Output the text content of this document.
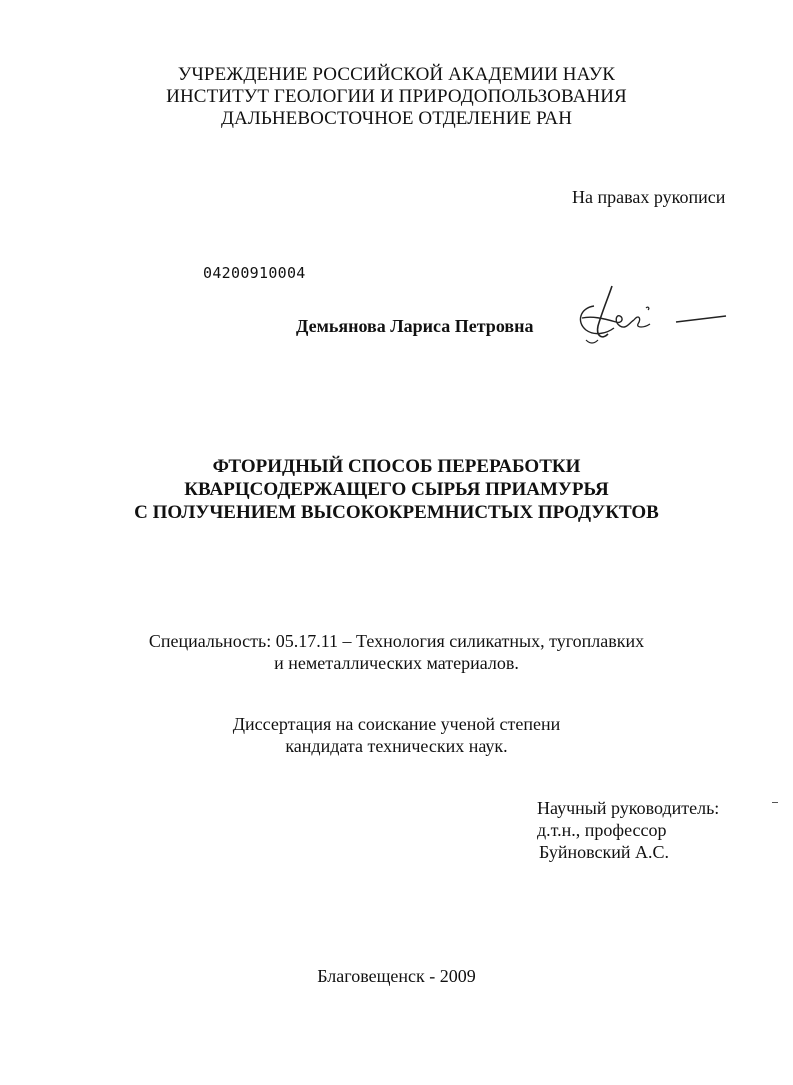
УЧРЕЖДЕНИЕ РОССИЙСКОЙ АКАДЕМИИ НАУК
ИНСТИТУТ ГЕОЛОГИИ И ПРИРОДОПОЛЬЗОВАНИЯ
ДАЛЬНЕВОСТОЧНОЕ ОТДЕЛЕНИЕ РАН
На правах рукописи
04200910004
Демьянова Лариса Петровна
ФТОРИДНЫЙ СПОСОБ ПЕРЕРАБОТКИ
КВАРЦСОДЕРЖАЩЕГО СЫРЬЯ ПРИАМУРЬЯ
С ПОЛУЧЕНИЕМ ВЫСОКОКРЕМНИСТЫХ ПРОДУКТОВ
Специальность: 05.17.11 – Технология силикатных, тугоплавких
и неметаллических материалов.
Диссертация на соискание ученой степени
кандидата технических наук.
Научный руководитель:
д.т.н., профессор
Буйновский А.С.
Благовещенск - 2009
